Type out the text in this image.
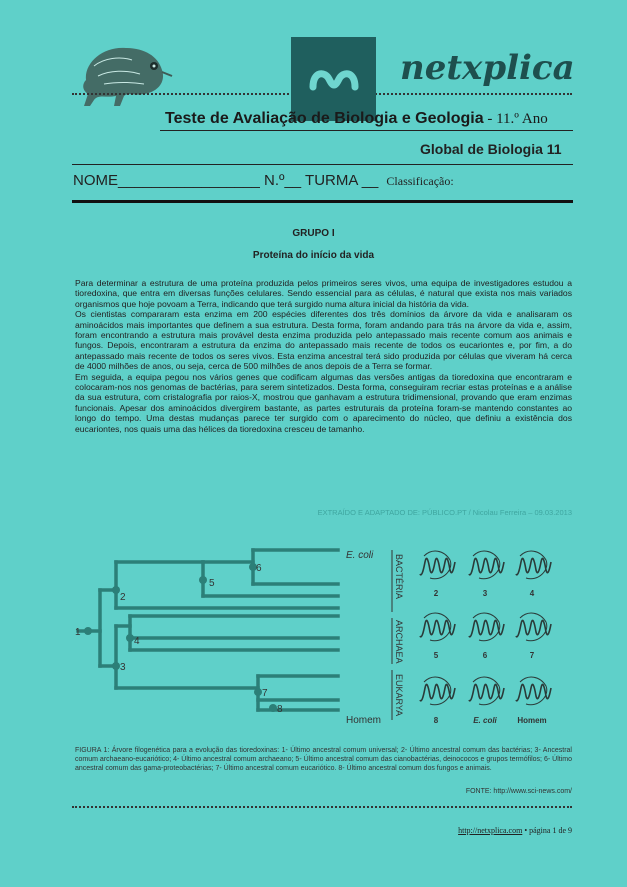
netxplica
Teste de Avaliação de Biologia e Geologia - 11.º Ano
Global de Biologia 11
NOME_________________ N.º__ TURMA __ Classificação:
GRUPO I
Proteína do início da vida

Para determinar a estrutura de uma proteína produzida pelos primeiros seres vivos, uma equipa de investigadores estudou a tioredoxina, que entra em diversas funções celulares. Sendo essencial para as células, é natural que exista nos mais variados organismos que hoje povoam a Terra, indicando que terá surgido numa altura inicial da história da vida.

Os cientistas compararam esta enzima em 200 espécies diferentes dos três domínios da árvore da vida e analisaram os aminoácidos mais importantes que definem a sua estrutura. Desta forma, foram andando para trás na árvore da vida e, assim, foram encontrando a estrutura mais provável desta enzima produzida pelo antepassado mais recente comum aos animais e fungos. Depois, encontraram a estrutura da enzima do antepassado mais recente de todos os eucariontes e, por fim, a do antepassado mais recente de todos os seres vivos. Esta enzima ancestral terá sido produzida por células que viveram há cerca de 4000 milhões de anos, ou seja, cerca de 500 milhões de anos depois de a Terra se formar.

Em seguida, a equipa pegou nos vários genes que codificam algumas das versões antigas da tioredoxina que encontraram e colocaram-nos nos genomas de bactérias, para serem sintetizados. Desta forma, conseguiram recriar estas proteínas e a análise da sua estrutura, com cristalografia por raios-X, mostrou que ganhavam a estrutura tridimensional, provando que eram enzimas funcionais. Apesar dos aminoácidos divergirem bastante, as partes estruturais da proteína foram-se mantendo constantes ao longo do tempo. Uma destas mudanças parece ter surgido com o aparecimento do núcleo, que definiu a existência dos eucariontes, nos quais uma das hélices da tioredoxina cresceu de tamanho.

EXTRAÍDO E ADAPTADO DE: PÚBLICO.PT / Nicolau Ferreira – 09.03.2013
1
2
3
4
5
6
7
8
E. coli
Homem
BACTÉRIA
ARCHAEA
EUKARYA
2	3	4
5	6	7
8	E. coli	Homem
FIGURA 1: Árvore filogenética para a evolução das tioredoxinas: 1- Último ancestral comum universal; 2- Último ancestral comum das bactérias; 3- Ancestral comum archaeano-eucariótico; 4- Último ancestral comum archaeano; 5- Último ancestral comum das cianobactérias, deinococos e grupos termófilos; 6- Último ancestral comum das gama-proteobactérias; 7- Último ancestral comum eucariótico. 8- Último ancestral comum dos fungos e animais.
FONTE: http://www.sci-news.com/
http://netxplica.com • página 1 de 9
